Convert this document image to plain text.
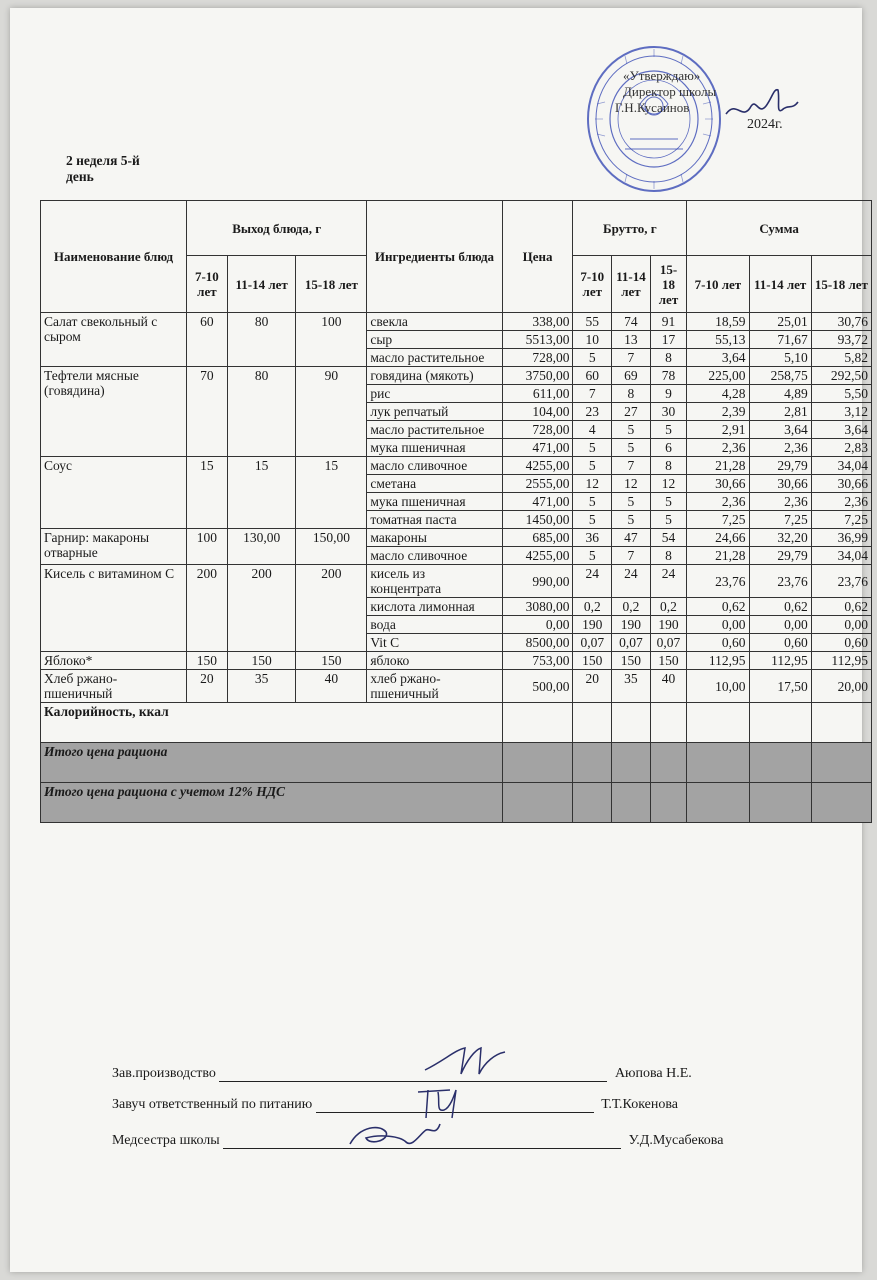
«Утверждаю»
Директор школы
Г.Н.Кусаинов
2024г.
2 неделя 5-й день
Наименование блюд	Выход блюда, г			Ингредиенты блюда	Цена	Брутто, г			Сумма		
	7-10 лет	11-14 лет	15-18 лет			7-10 лет	11-14 лет	15-18 лет	7-10 лет	11-14 лет	15-18 лет
Салат свекольный с сыром	60	80	100	свекла	338,00	55	74	91	18,59	25,01	30,76
				сыр	5513,00	10	13	17	55,13	71,67	93,72
				масло растительное	728,00	5	7	8	3,64	5,10	5,82
Тефтели мясные (говядина)	70	80	90	говядина (мякоть)	3750,00	60	69	78	225,00	258,75	292,50
				рис	611,00	7	8	9	4,28	4,89	5,50
				лук репчатый	104,00	23	27	30	2,39	2,81	3,12
				масло растительное	728,00	4	5	5	2,91	3,64	3,64
				мука пшеничная	471,00	5	5	6	2,36	2,36	2,83
Соус	15	15	15	масло сливочное	4255,00	5	7	8	21,28	29,79	34,04
				сметана	2555,00	12	12	12	30,66	30,66	30,66
				мука пшеничная	471,00	5	5	5	2,36	2,36	2,36
				томатная паста	1450,00	5	5	5	7,25	7,25	7,25
Гарнир: макароны отварные	100	130,00	150,00	макароны	685,00	36	47	54	24,66	32,20	36,99
				масло сливочное	4255,00	5	7	8	21,28	29,79	34,04
Кисель с витамином С	200	200	200	кисель из концентрата	990,00	24	24	24	23,76	23,76	23,76
				кислота лимонная	3080,00	0,2	0,2	0,2	0,62	0,62	0,62
				вода	0,00	190	190	190	0,00	0,00	0,00
				Vit C	8500,00	0,07	0,07	0,07	0,60	0,60	0,60
Яблоко*	150	150	150	яблоко	753,00	150	150	150	112,95	112,95	112,95
Хлеб ржано-пшеничный	20	35	40	хлеб ржано-пшеничный	500,00	20	35	40	10,00	17,50	20,00
Калорийность, ккал											
Итого цена рациона											
Итого цена рациона с учетом 12% НДС											
Зав.производство	Аюпова Н.Е.
Завуч ответственный по питанию	Т.Т.Кокенова
Медсестра школы	У.Д.Мусабекова
